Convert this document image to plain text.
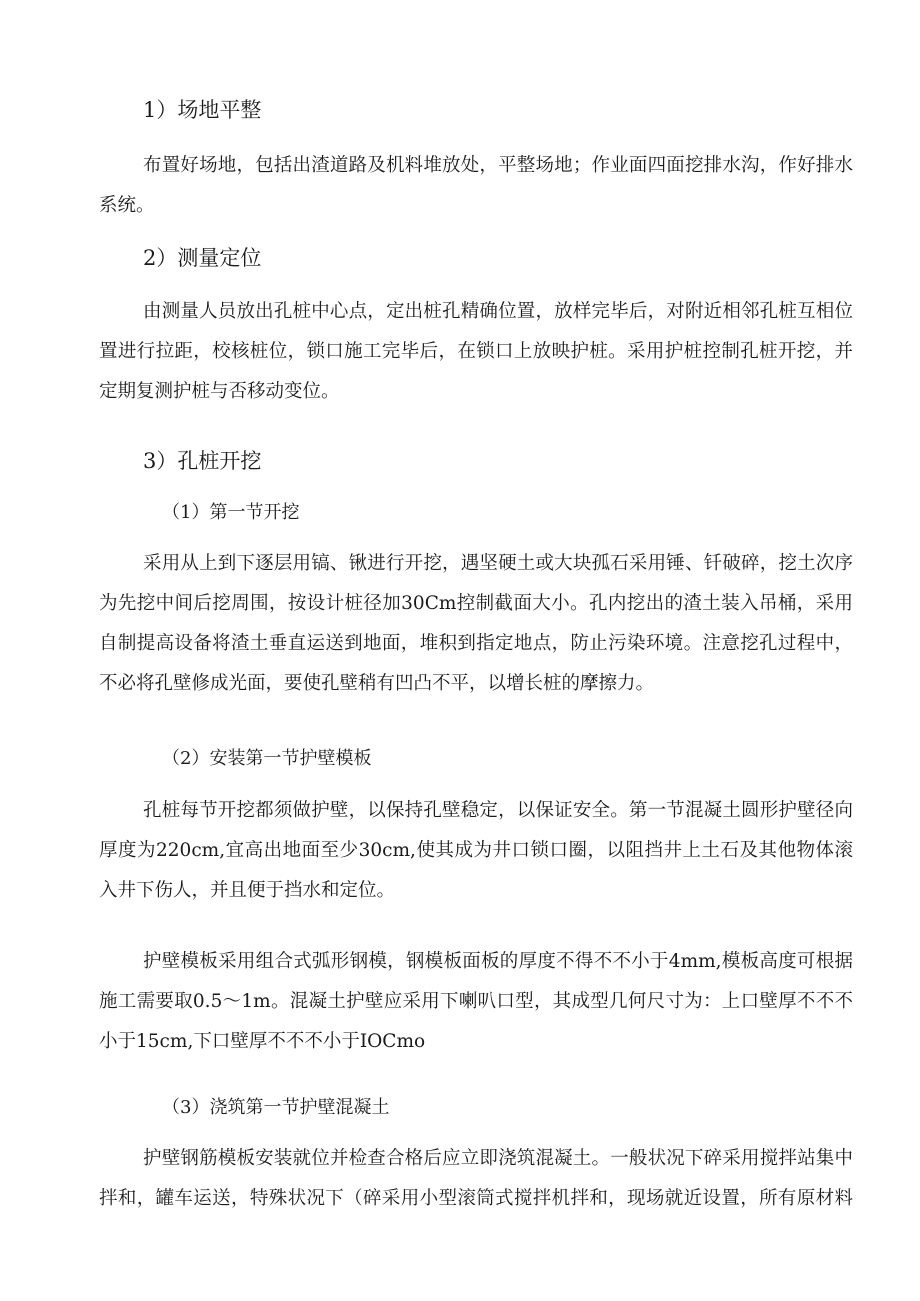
1）场地平整
布置好场地，包括出渣道路及机料堆放处，平整场地；作业面四面挖排水沟，作好排水
系统。
2）测量定位
由测量人员放出孔桩中心点，定出桩孔精确位置，放样完毕后，对附近相邻孔桩互相位
置进行拉距，校核桩位，锁口施工完毕后，在锁口上放映护桩。采用护桩控制孔桩开挖，并
定期复测护桩与否移动变位。
3）孔桩开挖
（1）第一节开挖
采用从上到下逐层用镐、锹进行开挖，遇坚硬土或大块孤石采用锤、钎破碎，挖土次序
为先挖中间后挖周围，按设计桩径加30Cm控制截面大小。孔内挖出的渣土装入吊桶，采用
自制提高设备将渣土垂直运送到地面，堆积到指定地点，防止污染环境。注意挖孔过程中，
不必将孔壁修成光面，要使孔壁稍有凹凸不平，以增长桩的摩擦力。
（2）安装第一节护壁模板
孔桩每节开挖都须做护壁，以保持孔壁稳定，以保证安全。第一节混凝土圆形护壁径向
厚度为220cm,宜高出地面至少30cm,使其成为井口锁口圈，以阻挡井上土石及其他物体滚
入井下伤人，并且便于挡水和定位。
护壁模板采用组合式弧形钢模，钢模板面板的厚度不得不不小于4mm,模板高度可根据
施工需要取0.5～1m。混凝土护壁应采用下喇叭口型，其成型几何尺寸为：上口壁厚不不不
小于15cm,下口壁厚不不不小于IOCmo
（3）浇筑第一节护壁混凝土
护壁钢筋模板安装就位并检查合格后应立即浇筑混凝土。一般状况下碎采用搅拌站集中
拌和，罐车运送，特殊状况下（碎采用小型滚筒式搅拌机拌和，现场就近设置，所有原材料
